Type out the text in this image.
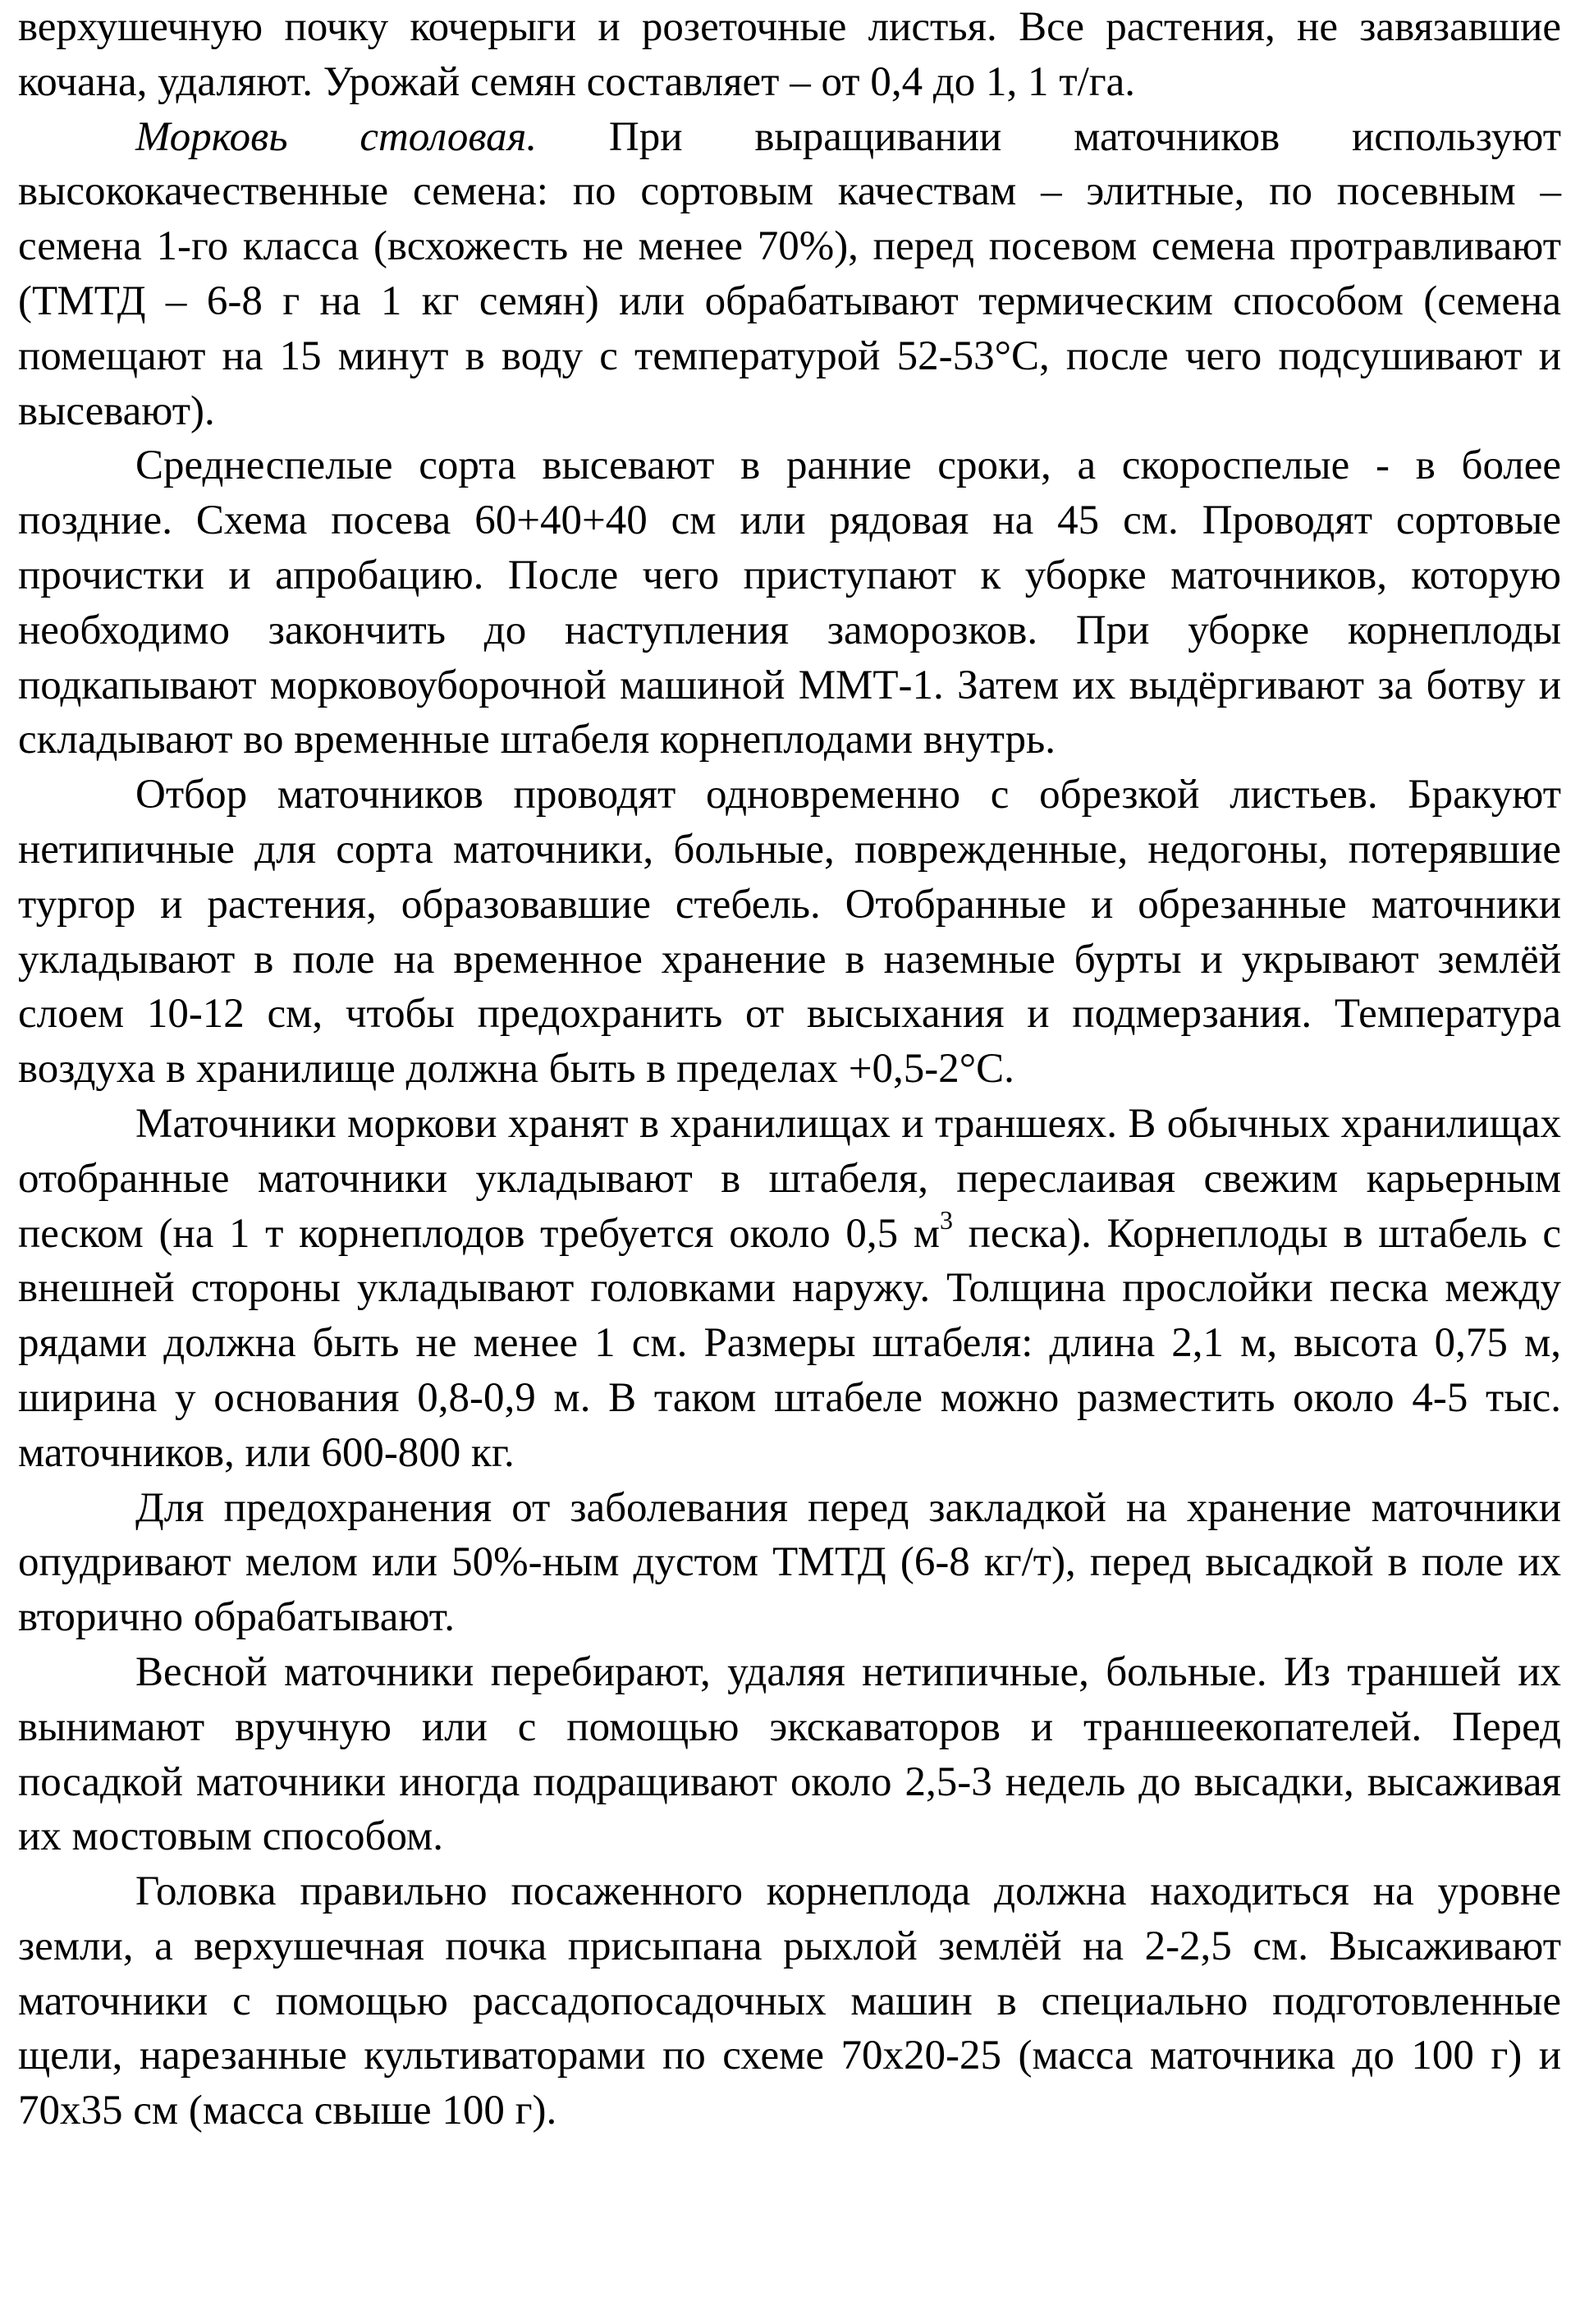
верхушечную почку кочерыги и розеточные листья. Все растения, не завязавшие кочана, удаляют. Урожай семян составляет – от 0,4 до 1, 1 т/га.

Морковь столовая. При выращивании маточников используют высококачественные семена: по сортовым качествам – элитные, по посевным – семена 1-го класса (всхожесть не менее 70%), перед посевом семена протравливают (ТМТД – 6-8 г на 1 кг семян) или обрабатывают термическим способом (семена помещают на 15 минут в воду с температурой 52-53°С, после чего подсушивают и высевают).

Среднеспелые сорта высевают в ранние сроки, а скороспелые - в более поздние. Схема посева 60+40+40 см или рядовая на 45 см. Проводят сортовые прочистки и апробацию. После чего приступают к уборке маточников, которую необходимо закончить до наступления заморозков. При уборке корнеплоды подкапывают морковоуборочной машиной ММТ-1. Затем их выдёргивают за ботву и складывают во временные штабеля корнеплодами внутрь.

Отбор маточников проводят одновременно с обрезкой листьев. Бракуют нетипичные для сорта маточники, больные, поврежденные, недогоны, потерявшие тургор и растения, образовавшие стебель. Отобранные и обрезанные маточники укладывают в поле на временное хранение в наземные бурты и укрывают землёй слоем 10-12 см, чтобы предохранить от высыхания и подмерзания. Температура воздуха в хранилище должна быть в пределах +0,5-2°С.

Маточники моркови хранят в хранилищах и траншеях. В обычных хранилищах отобранные маточники укладывают в штабеля, переслаивая свежим карьерным песком (на 1 т корнеплодов требуется около 0,5 $м^3$ песка). Корнеплоды в штабель с внешней стороны укладывают головками наружу. Толщина прослойки песка между рядами должна быть не менее 1 см. Размеры штабеля: длина 2,1 м, высота 0,75 м, ширина у основания 0,8-0,9 м. В таком штабеле можно разместить около 4-5 тыс. маточников, или 600-800 кг.

Для предохранения от заболевания перед закладкой на хранение маточники опудривают мелом или 50%-ным дустом ТМТД (6-8 кг/т), перед высадкой в поле их вторично обрабатывают.

Весной маточники перебирают, удаляя нетипичные, больные. Из траншей их вынимают вручную или с помощью экскаваторов и траншеекопателей. Перед посадкой маточники иногда подращивают около 2,5-3 недель до высадки, высаживая их мостовым способом.

Головка правильно посаженного корнеплода должна находиться на уровне земли, а верхушечная почка присыпана рыхлой землёй на 2-2,5 см. Высаживают маточники с помощью рассадопосадочных машин в специально подготовленные щели, нарезанные культиваторами по схеме 70х20-25 (масса маточника до 100 г) и 70х35 см (масса свыше 100 г).
